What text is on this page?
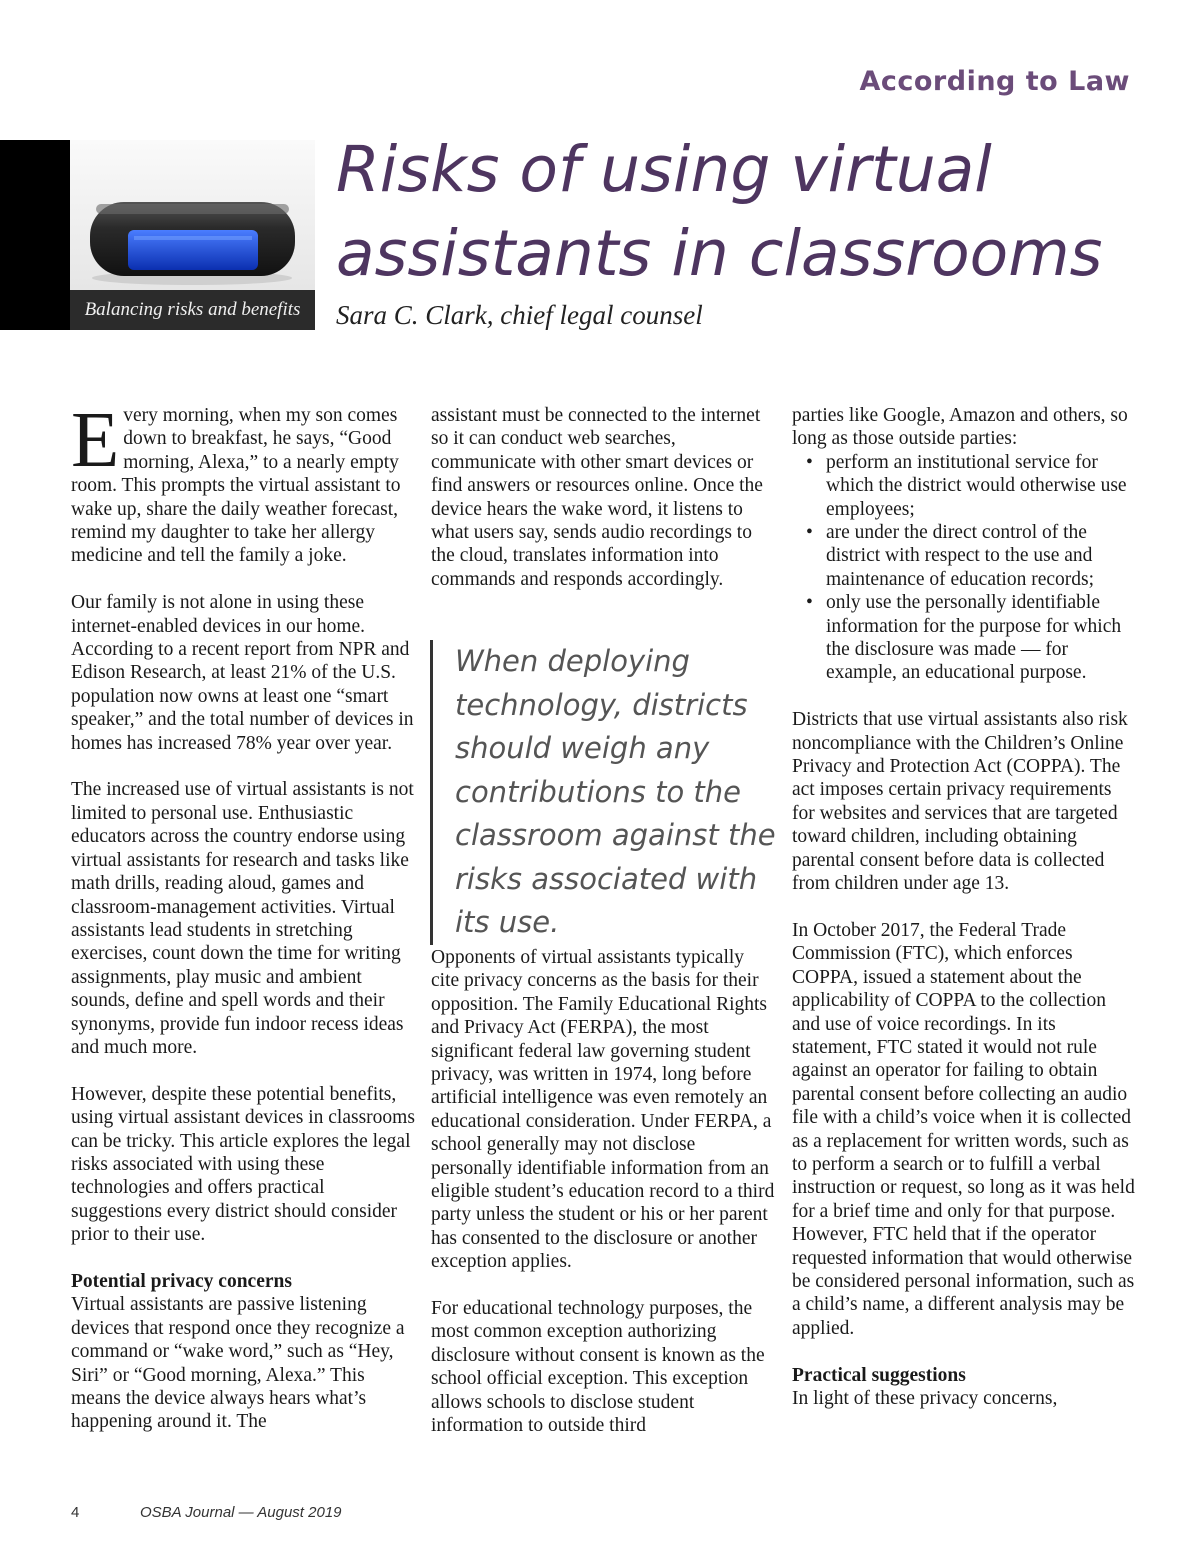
According to Law

Balancing risks and benefits

Risks of using virtual
assistants in classrooms

Sara C. Clark, chief legal counsel

Every morning, when my son comes down to breakfast, he says, “Good morning, Alexa,” to a nearly empty room. This prompts the virtual assistant to wake up, share the daily weather forecast, remind my daughter to take her allergy medicine and tell the family a joke.

Our family is not alone in using these internet-enabled devices in our home. According to a recent report from NPR and Edison Research, at least 21% of the U.S. population now owns at least one “smart speaker,” and the total number of devices in homes has increased 78% year over year.

The increased use of virtual assistants is not limited to personal use. Enthusiastic educators across the country endorse using virtual assistants for research and tasks like math drills, reading aloud, games and classroom-management activities. Virtual assistants lead students in stretching exercises, count down the time for writing assignments, play music and ambient sounds, define and spell words and their synonyms, provide fun indoor recess ideas and much more.

However, despite these potential benefits, using virtual assistant devices in classrooms can be tricky. This article explores the legal risks associated with using these technologies and offers practical suggestions every district should consider prior to their use.

Potential privacy concerns

Virtual assistants are passive listening devices that respond once they recognize a command or “wake word,” such as “Hey, Siri” or “Good morning, Alexa.” This means the device always hears what’s happening around it. The

assistant must be connected to the internet so it can conduct web searches, communicate with other smart devices or find answers or resources online. Once the device hears the wake word, it listens to what users say, sends audio recordings to the cloud, translates information into commands and responds accordingly.

When deploying technology, districts should weigh any contributions to the classroom against the risks associated with its use.

Opponents of virtual assistants typically cite privacy concerns as the basis for their opposition. The Family Educational Rights and Privacy Act (FERPA), the most significant federal law governing student privacy, was written in 1974, long before artificial intelligence was even remotely an educational consideration. Under FERPA, a school generally may not disclose personally identifiable information from an eligible student’s education record to a third party unless the student or his or her parent has consented to the disclosure or another exception applies.

For educational technology purposes, the most common exception authorizing disclosure without consent is known as the school official exception. This exception allows schools to disclose student information to outside third

parties like Google, Amazon and others, so long as those outside parties:

• perform an institutional service for which the district would otherwise use employees;
• are under the direct control of the district with respect to the use and maintenance of education records;
• only use the personally identifiable information for the purpose for which the disclosure was made — for example, an educational purpose.

Districts that use virtual assistants also risk noncompliance with the Children’s Online Privacy and Protection Act (COPPA). The act imposes certain privacy requirements for websites and services that are targeted toward children, including obtaining parental consent before data is collected from children under age 13.

In October 2017, the Federal Trade Commission (FTC), which enforces COPPA, issued a statement about the applicability of COPPA to the collection and use of voice recordings. In its statement, FTC stated it would not rule against an operator for failing to obtain parental consent before collecting an audio file with a child’s voice when it is collected as a replacement for written words, such as to perform a search or to fulfill a verbal instruction or request, so long as it was held for a brief time and only for that purpose. However, FTC held that if the operator requested information that would otherwise be considered personal information, such as a child’s name, a different analysis may be applied.

Practical suggestions

In light of these privacy concerns,

4	OSBA Journal — August 2019
